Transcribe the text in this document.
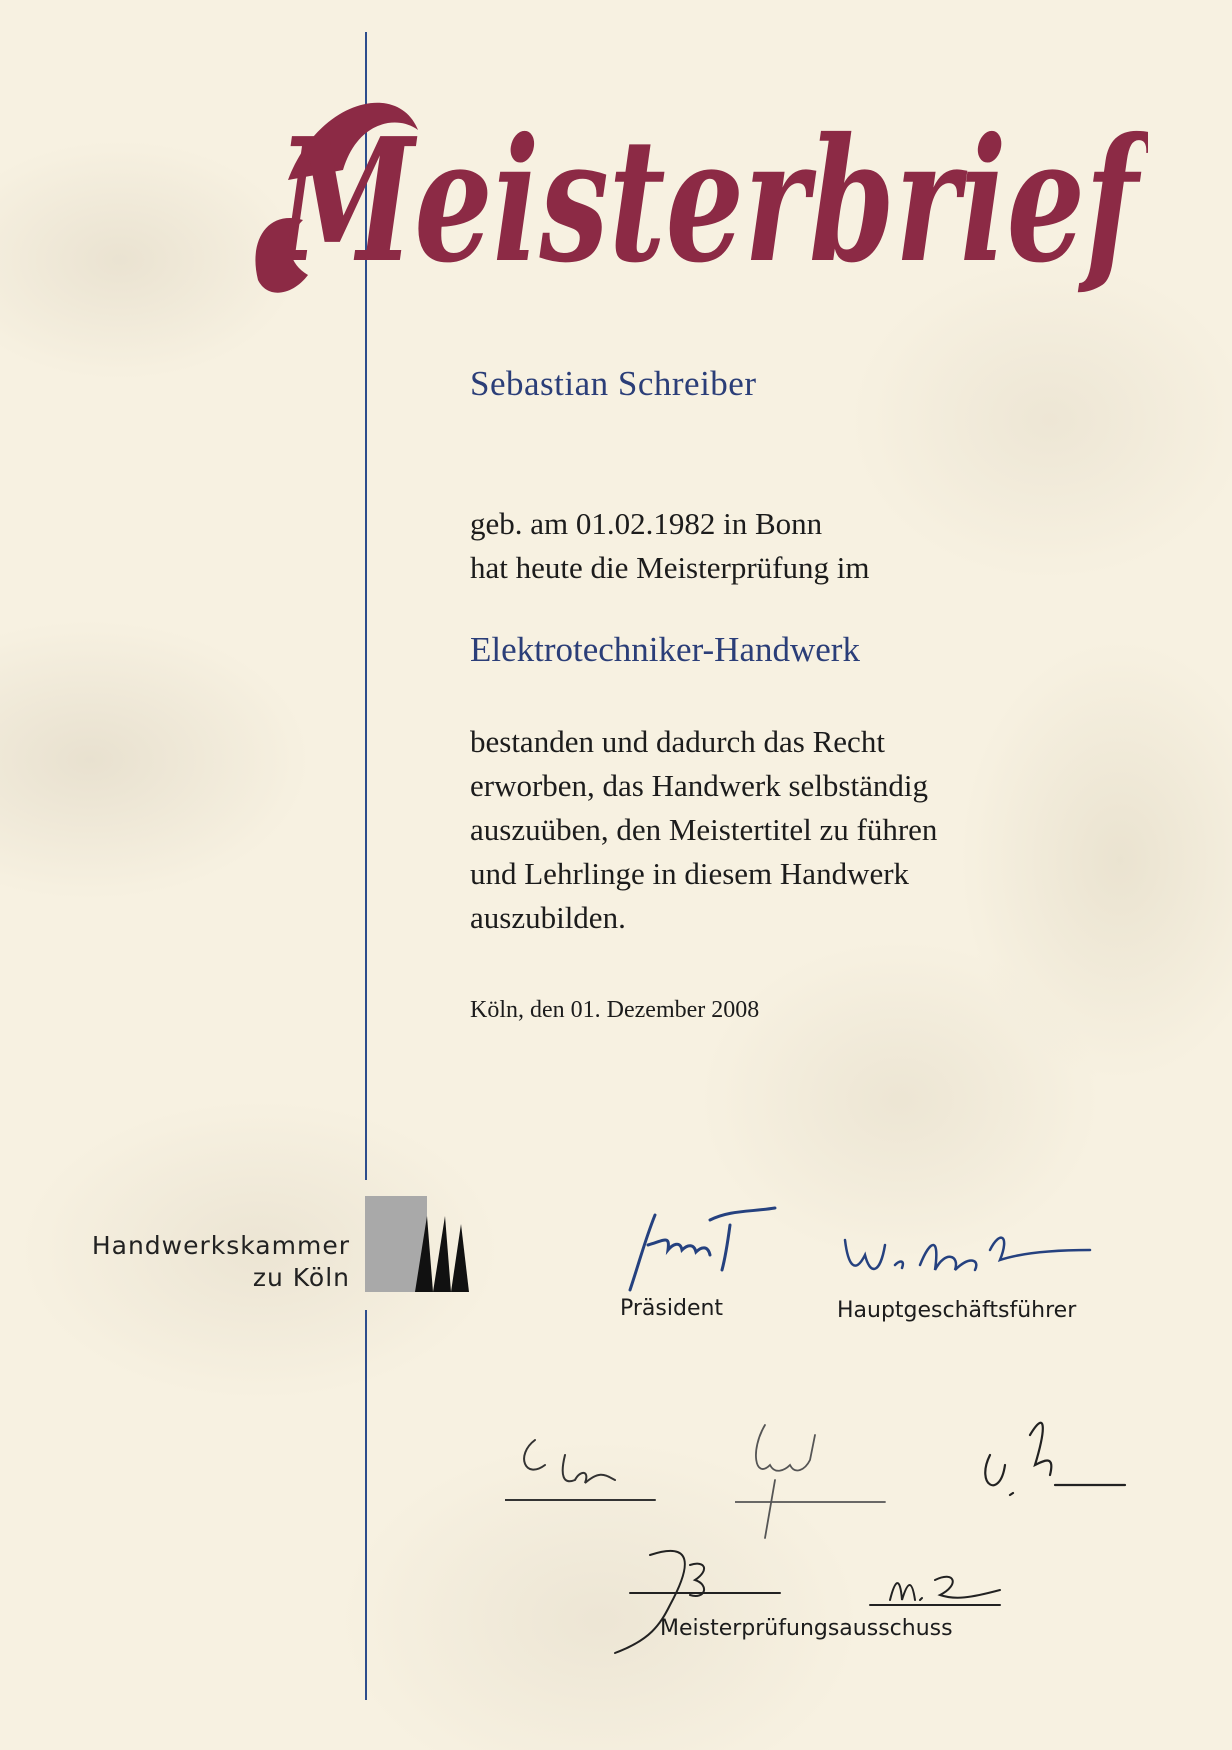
Meisterbrief
Sebastian Schreiber
geb. am 01.02.1982 in Bonn
hat heute die Meisterprüfung im
Elektrotechniker-Handwerk
bestanden und dadurch das Recht
erworben, das Handwerk selbständig
auszuüben, den Meistertitel zu führen
und Lehrlinge in diesem Handwerk
auszubilden.
Köln, den 01. Dezember 2008
Handwerkskammer
zu Köln
Präsident	Hauptgeschäftsführer
Meisterprüfungsausschuss
